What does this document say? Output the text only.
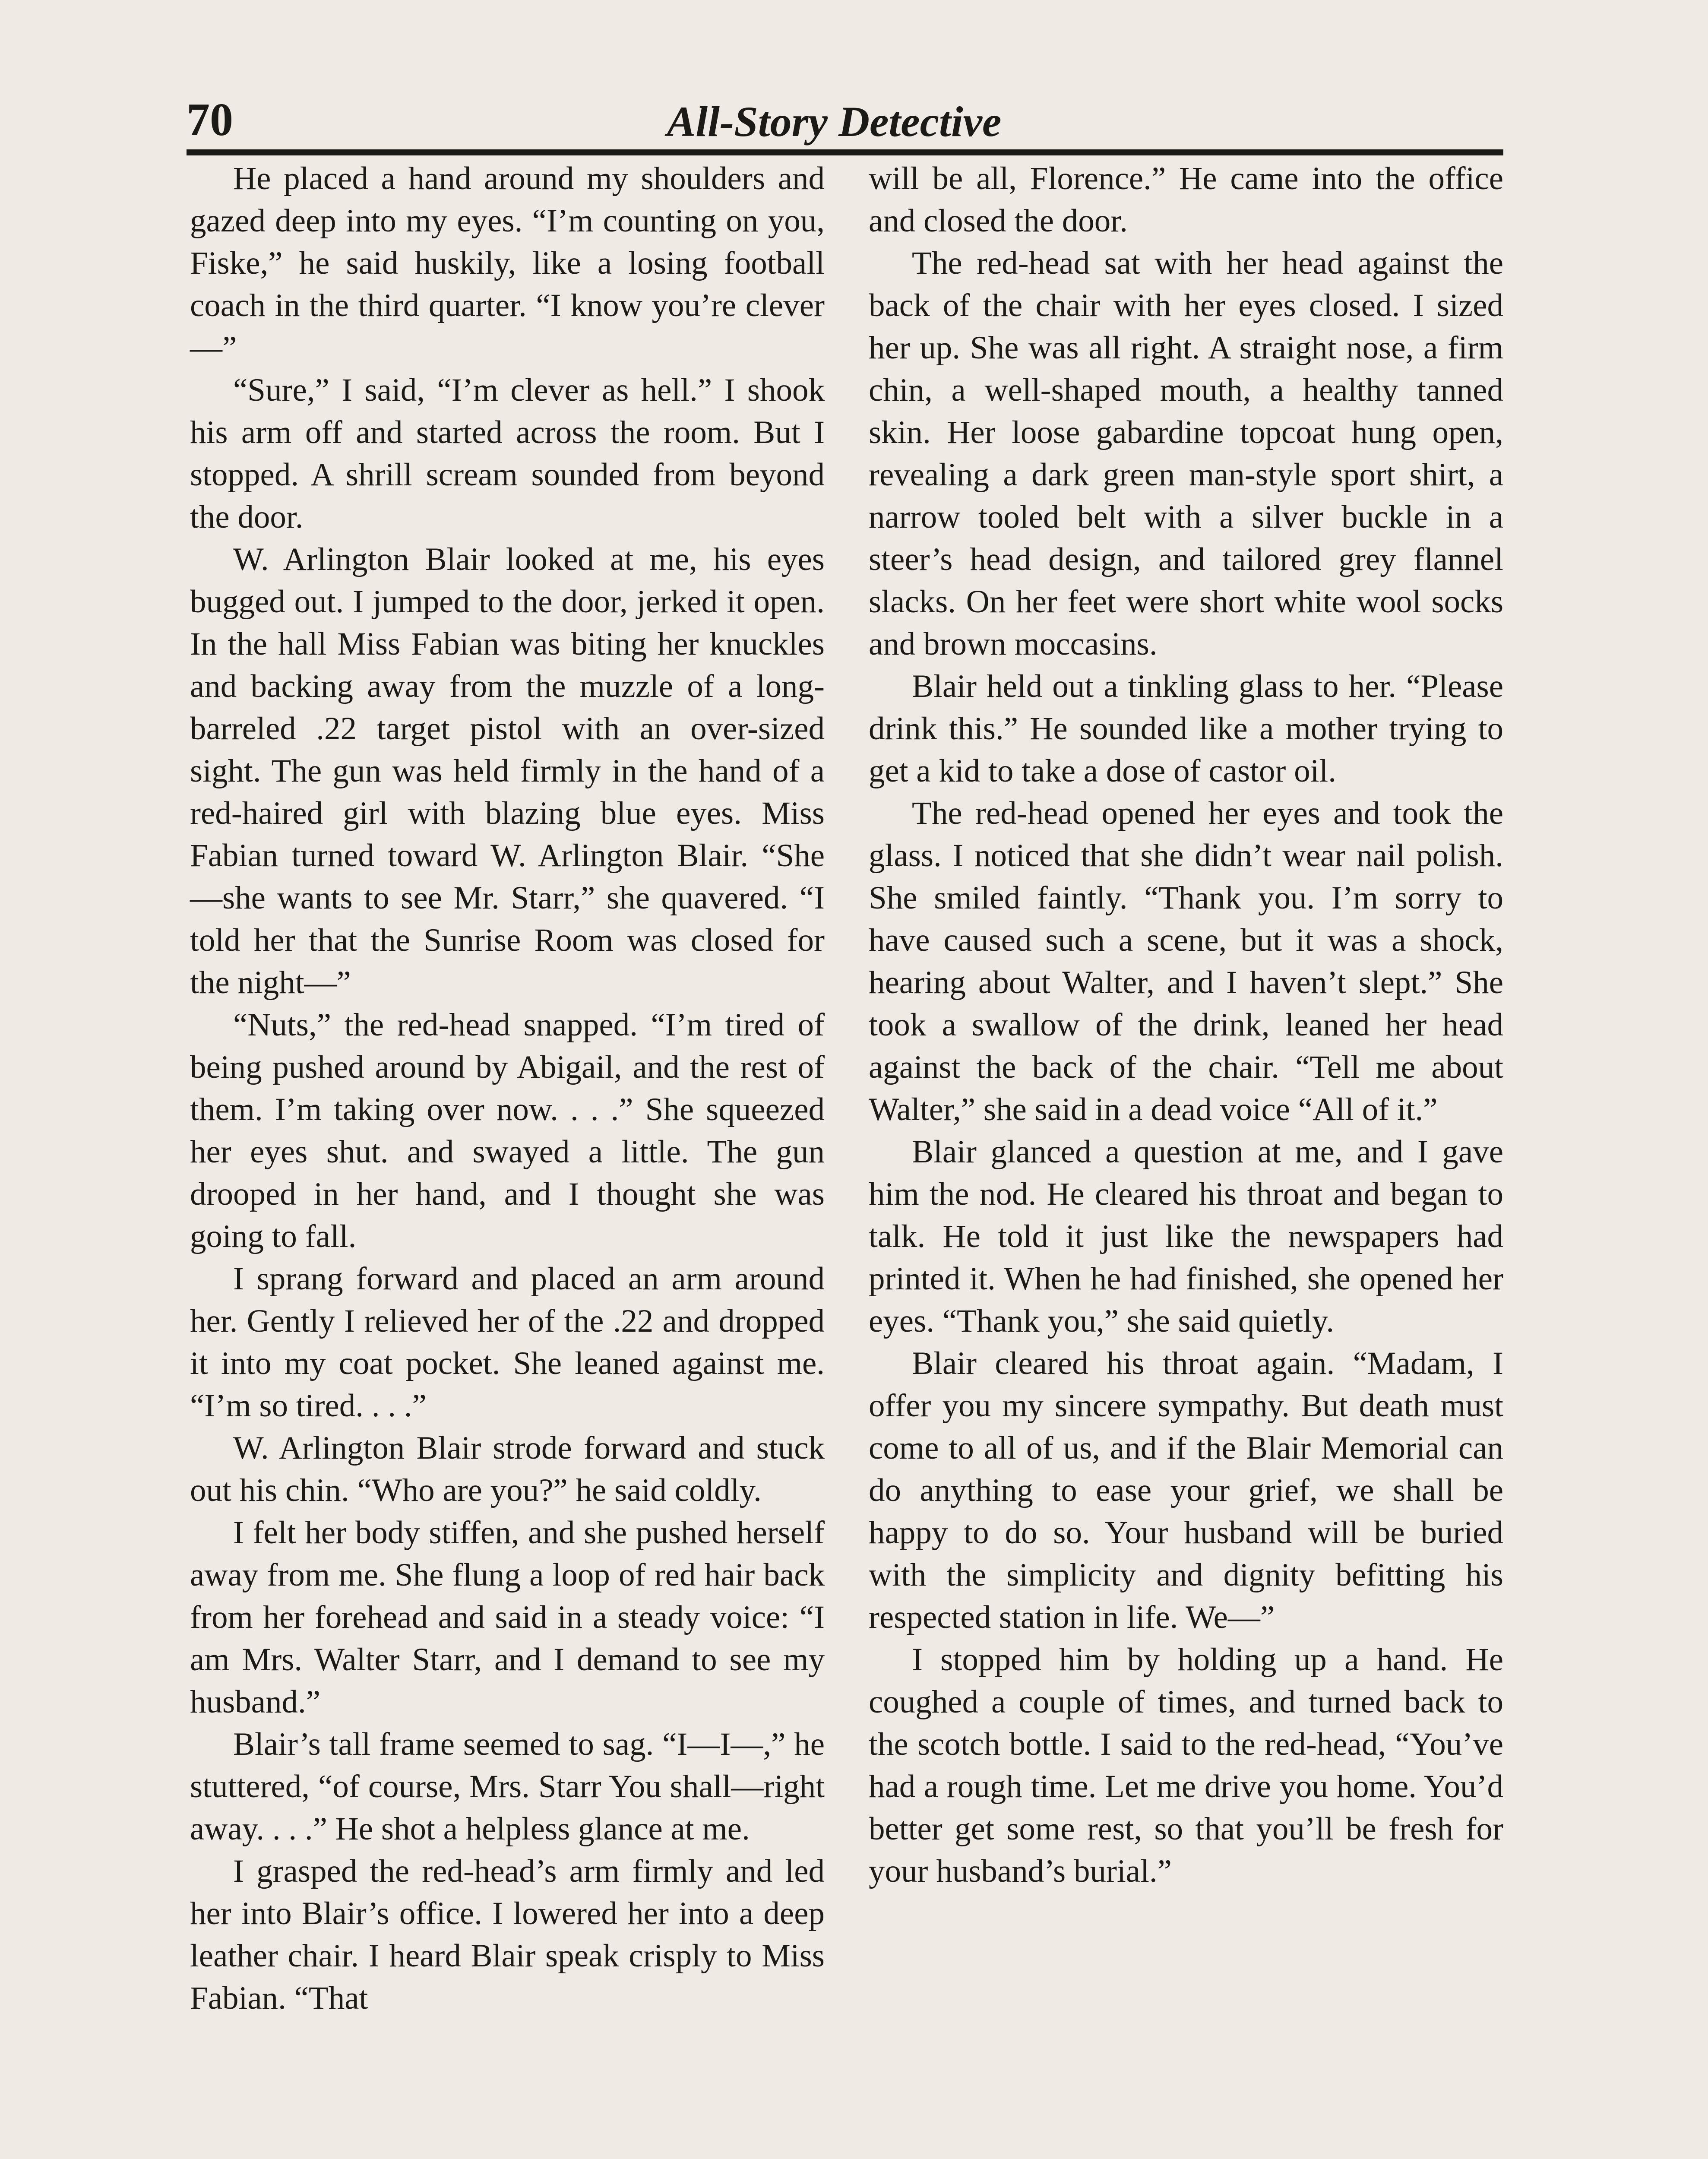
70	All-Story Detective

He placed a hand around my shoulders and gazed deep into my eyes. “I’m counting on you, Fiske,” he said huskily, like a losing football coach in the third quarter. “I know you’re clever—”

“Sure,” I said, “I’m clever as hell.” I shook his arm off and started across the room. But I stopped. A shrill scream sounded from beyond the door.

W. Arlington Blair looked at me, his eyes bugged out. I jumped to the door, jerked it open. In the hall Miss Fabian was biting her knuckles and backing away from the muzzle of a long-barreled .22 target pistol with an over-sized sight. The gun was held firmly in the hand of a red-haired girl with blazing blue eyes. Miss Fabian turned toward W. Arlington Blair. “She—she wants to see Mr. Starr,” she quavered. “I told her that the Sunrise Room was closed for the night—”

“Nuts,” the red-head snapped. “I’m tired of being pushed around by Abigail, and the rest of them. I’m taking over now. . . .” She squeezed her eyes shut. and swayed a little. The gun drooped in her hand, and I thought she was going to fall.

I sprang forward and placed an arm around her. Gently I relieved her of the .22 and dropped it into my coat pocket. She leaned against me. “I’m so tired. . . .”

W. Arlington Blair strode forward and stuck out his chin. “Who are you?” he said coldly.

I felt her body stiffen, and she pushed herself away from me. She flung a loop of red hair back from her forehead and said in a steady voice: “I am Mrs. Walter Starr, and I demand to see my husband.”

Blair’s tall frame seemed to sag. “I—I—,” he stuttered, “of course, Mrs. Starr You shall—right away. . . .” He shot a helpless glance at me.

I grasped the red-head’s arm firmly and led her into Blair’s office. I lowered her into a deep leather chair. I heard Blair speak crisply to Miss Fabian. “That

will be all, Florence.” He came into the office and closed the door.

The red-head sat with her head against the back of the chair with her eyes closed. I sized her up. She was all right. A straight nose, a firm chin, a well-shaped mouth, a healthy tanned skin. Her loose gabardine topcoat hung open, revealing a dark green man-style sport shirt, a narrow tooled belt with a silver buckle in a steer’s head design, and tailored grey flannel slacks. On her feet were short white wool socks and brown moccasins.

Blair held out a tinkling glass to her. “Please drink this.” He sounded like a mother trying to get a kid to take a dose of castor oil.

The red-head opened her eyes and took the glass. I noticed that she didn’t wear nail polish. She smiled faintly. “Thank you. I’m sorry to have caused such a scene, but it was a shock, hearing about Walter, and I haven’t slept.” She took a swallow of the drink, leaned her head against the back of the chair. “Tell me about Walter,” she said in a dead voice “All of it.”

Blair glanced a question at me, and I gave him the nod. He cleared his throat and began to talk. He told it just like the newspapers had printed it. When he had finished, she opened her eyes. “Thank you,” she said quietly.

Blair cleared his throat again. “Madam, I offer you my sincere sympathy. But death must come to all of us, and if the Blair Memorial can do anything to ease your grief, we shall be happy to do so. Your husband will be buried with the simplicity and dignity befitting his respected station in life. We—”

I stopped him by holding up a hand. He coughed a couple of times, and turned back to the scotch bottle. I said to the red-head, “You’ve had a rough time. Let me drive you home. You’d better get some rest, so that you’ll be fresh for your husband’s burial.”
